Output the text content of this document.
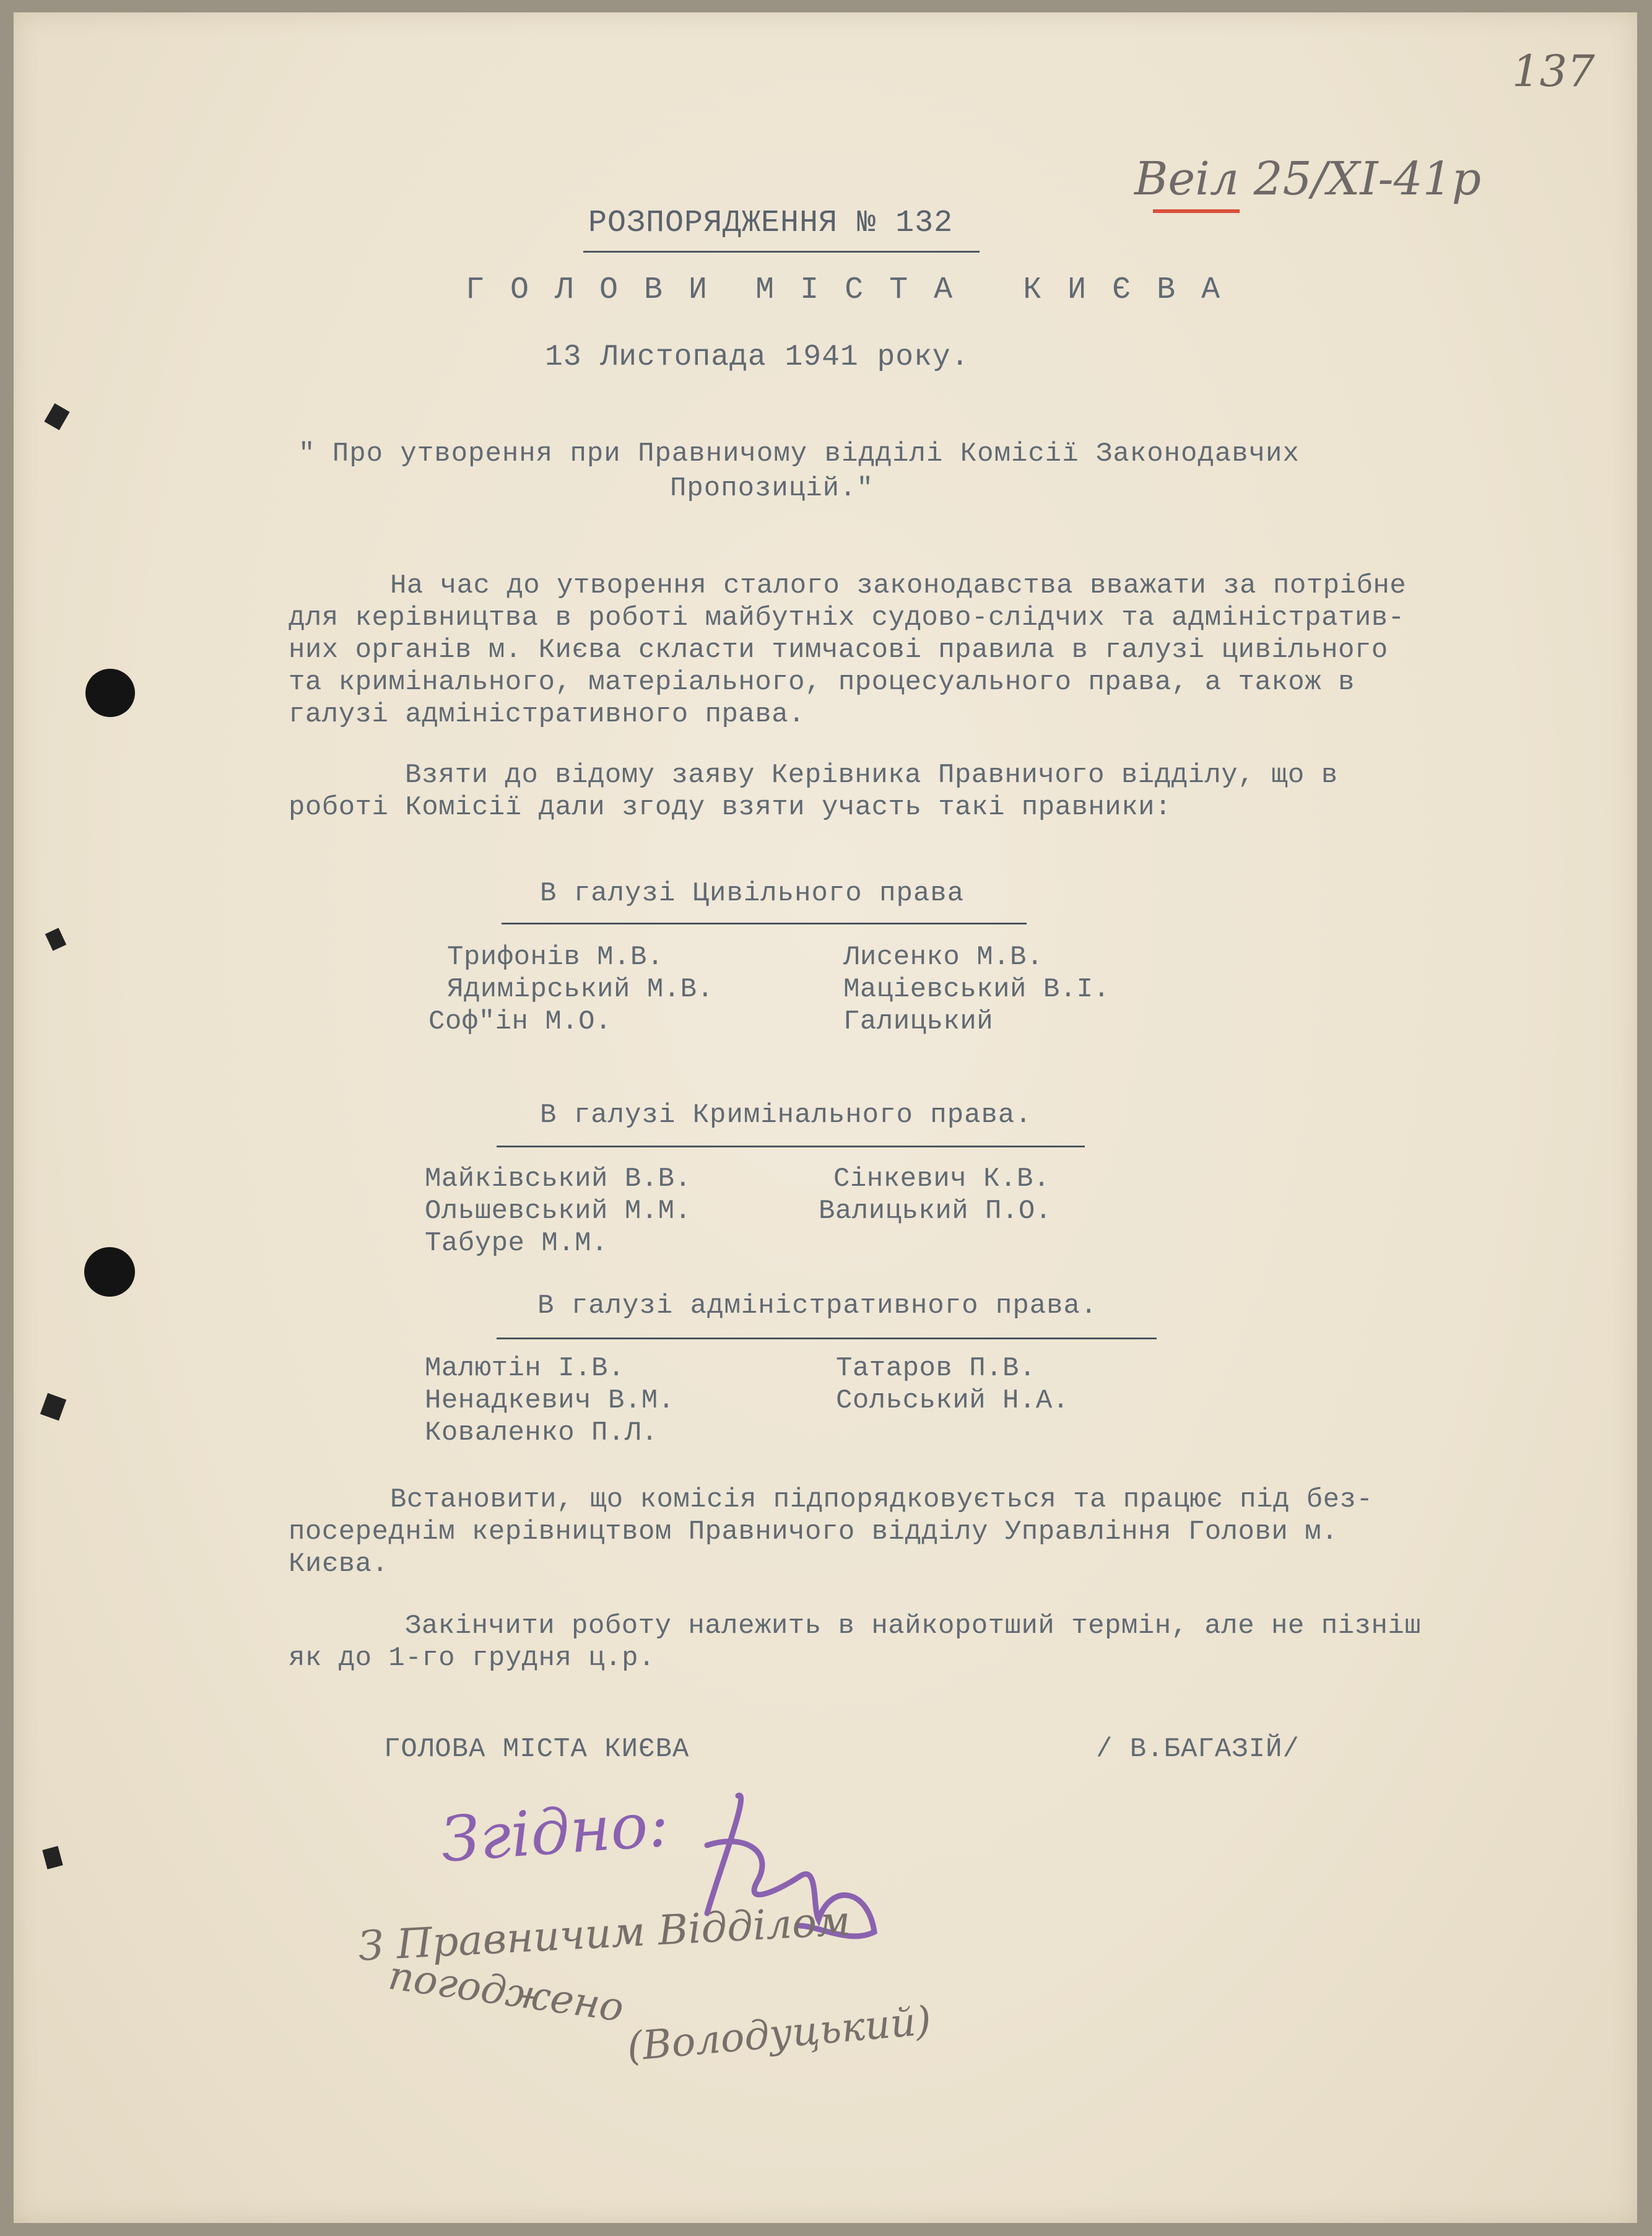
137
Веіл 25/XI-41р
РОЗПОРЯДЖЕННЯ № 132
Г О Л О В И  М І С Т А   К И Є В А
13 Листопада 1941 року.
" Про утворення при Правничому відділі Комісії Законодавчих
Пропозицій."

На час до утворення сталого законодавства вважати за потрібне

для керівництва в роботі майбутніх судово-слідчих та адміністратив-

них органів м. Києва скласти тимчасові правила в галузі цивільного

та кримінального, матеріального, процесуального права, а також в

галузі адміністративного права.

Взяти до відому заяву Керівника Правничого відділу, що в

роботі Комісії дали згоду взяти участь такі правники:

В галузі Цивільного права

Трифонів М.В.

Ядимірський М.В.

Соф"ін М.О.

Лисенко М.В.

Маціевський В.І.

Галицький

В галузі Кримінального права.

Майківський В.В.

Ольшевський М.М.

Табуре М.М.

Сінкевич К.В.

Валицький П.О.

В галузі адміністративного права.

Малютін І.В.

Ненадкевич В.М.

Коваленко П.Л.

Татаров П.В.

Сольський Н.А.

Встановити, що комісія підпорядковується та працює під без-

посереднім керівництвом Правничого відділу Управління Голови м.

Києва.

Закінчити роботу належить в найкоротший термін, але не пізніш

як до 1-го грудня ц.р.

ГОЛОВА МІСТА КИЄВА	/ В.БАГАЗІЙ/
Згідно:
З Правничим Відділом
погоджено
(Володуцький)
